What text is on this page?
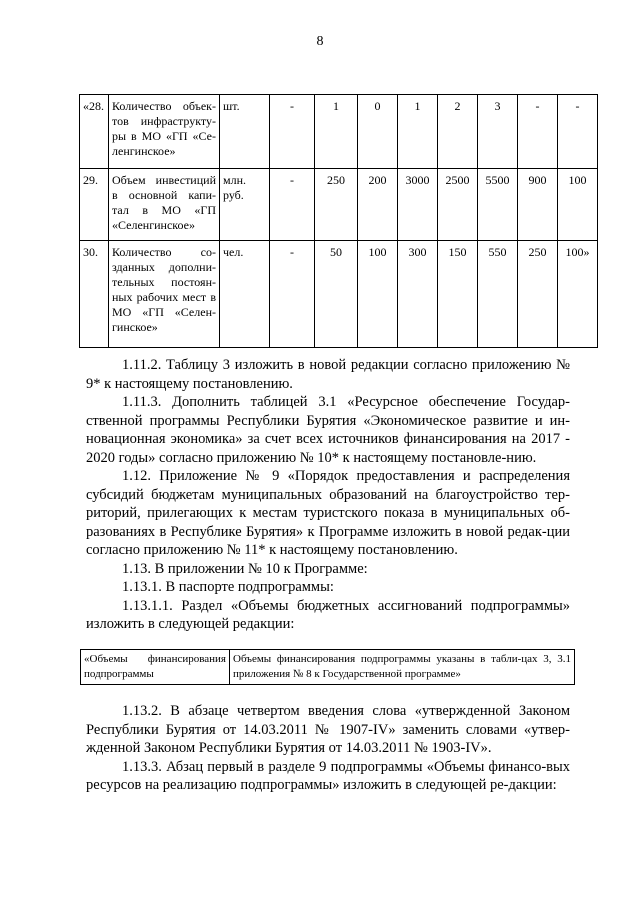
8
«28.	Количество объек-тов инфраструкту-ры в МО «ГП «Се-ленгинское»	шт.	-	1	0	1	2	3	-	-
29.	Объем инвестиций в основной капи-тал в МО «ГП «Селенгинское»	млн. руб.	-	250	200	3000	2500	5500	900	100
30.	Количество со-зданных дополни-тельных постоян-ных рабочих мест в МО «ГП «Селен-гинское»	чел.	-	50	100	300	150	550	250	100»

1.11.2. Таблицу 3 изложить в новой редакции согласно приложению № 9* к настоящему постановлению.

1.11.3. Дополнить таблицей 3.1 «Ресурсное обеспечение Государ-ственной программы Республики Бурятия «Экономическое развитие и ин-новационная экономика» за счет всех источников финансирования на 2017 - 2020 годы» согласно приложению № 10* к настоящему постановле-нию.

1.12. Приложение № 9 «Порядок предоставления и распределения субсидий бюджетам муниципальных образований на благоустройство тер-риторий, прилегающих к местам туристского показа в муниципальных об-разованиях в Республике Бурятия» к Программе изложить в новой редак-ции согласно приложению № 11* к настоящему постановлению.

1.13. В приложении № 10 к Программе:

1.13.1. В паспорте подпрограммы:

1.13.1.1. Раздел «Объемы бюджетных ассигнований подпрограммы» изложить в следующей редакции:

«Объемы финансирования подпрограммы	Объемы финансирования подпрограммы указаны в табли-цах 3, 3.1 приложения № 8 к Государственной программе»

1.13.2. В абзаце четвертом введения слова «утвержденной Законом Республики Бурятия от 14.03.2011 № 1907-IV» заменить словами «утвер-жденной Законом Республики Бурятия от 14.03.2011 № 1903-IV».

1.13.3. Абзац первый в разделе 9 подпрограммы «Объемы финансо-вых ресурсов на реализацию подпрограммы» изложить в следующей ре-дакции:
